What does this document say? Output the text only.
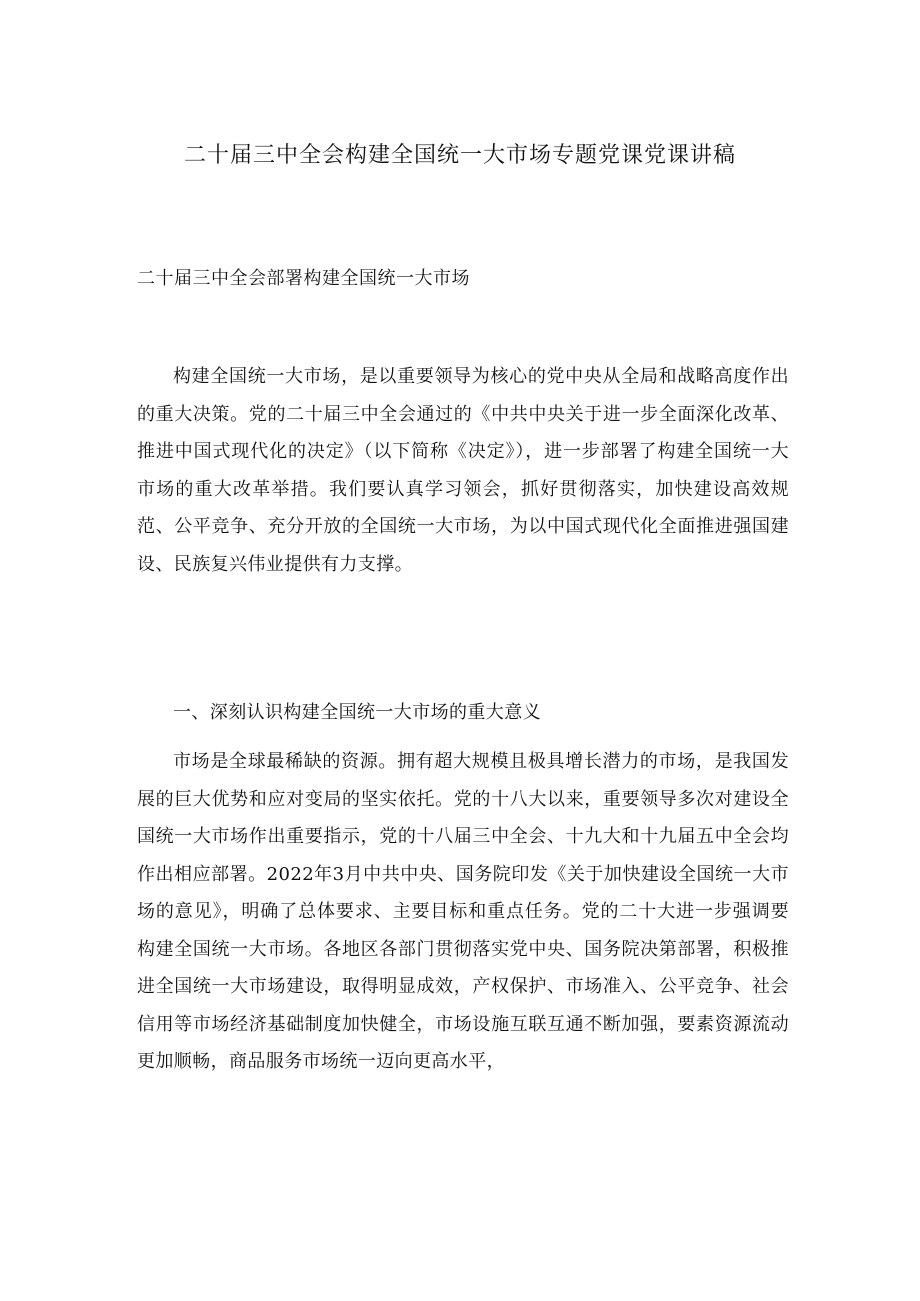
二十届三中全会构建全国统一大市场专题党课党课讲稿
二十届三中全会部署构建全国统一大市场

构建全国统一大市场，是以重要领导为核心的党中央从全局和战略高度作出的重大决策。党的二十届三中全会通过的《中共中央关于进一步全面深化改革、推进中国式现代化的决定》（以下简称《决定》），进一步部署了构建全国统一大市场的重大改革举措。我们要认真学习领会，抓好贯彻落实，加快建设高效规范、公平竞争、充分开放的全国统一大市场，为以中国式现代化全面推进强国建设、民族复兴伟业提供有力支撑。

一、深刻认识构建全国统一大市场的重大意义

市场是全球最稀缺的资源。拥有超大规模且极具增长潜力的市场，是我国发展的巨大优势和应对变局的坚实依托。党的十八大以来，重要领导多次对建设全国统一大市场作出重要指示，党的十八届三中全会、十九大和十九届五中全会均作出相应部署。2022年3月中共中央、国务院印发《关于加快建设全国统一大市场的意见》，明确了总体要求、主要目标和重点任务。党的二十大进一步强调要构建全国统一大市场。各地区各部门贯彻落实党中央、国务院决第部署，积极推进全国统一大市场建设，取得明显成效，产权保护、市场准入、公平竞争、社会信用等市场经济基础制度加快健全，市场设施互联互通不断加强，要素资源流动更加顺畅，商品服务市场统一迈向更高水平，
